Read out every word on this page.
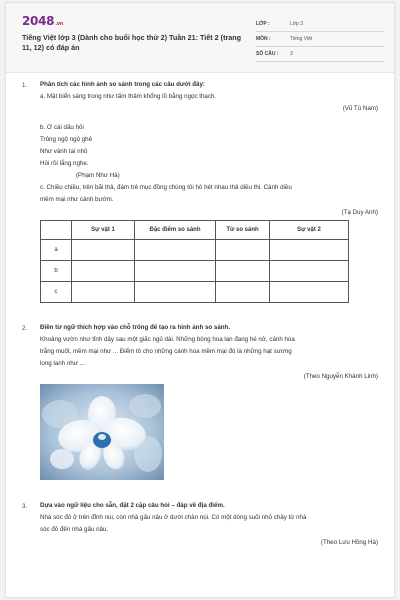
2048.vn
Tiếng Việt lớp 3 (Dành cho buổi học thứ 2) Tuần 21: Tiết 2 (trang 11, 12) có đáp án
LỚP :	Lớp 3
MÔN :	Tiếng Việt
SỐ CÂU : 3
1. Phân tích các hình ảnh so sánh trong các câu dưới đây:
a. Mặt biển sáng trong như tấm thảm khổng lồ bằng ngọc thạch.
(Vũ Tú Nam)
b. Ơ cái dấu hỏi
Trông ngộ ngộ ghê
Như vành tai nhỏ
Hỏi rồi lắng nghe.
(Phạm Như Hà)
c. Chiều chiều, trên bãi thả, đám trẻ mục đồng chúng tôi hò hét nhau thả diều thi. Cánh diều
mềm mại như cánh bướm.
(Tạ Duy Anh)
	Sự vật 1	Đặc điểm so sánh	Từ so sánh	Sự vật 2
a				
b				
c				
2. Điền từ ngữ thích hợp vào chỗ trống để tạo ra hình ảnh so sánh.
Khoảng vườn như tỉnh dậy sau một giấc ngủ dài. Những bông hoa lan đang hé nở, cánh hoa
trắng muốt, mềm mại như ... Điểm tô cho những cánh hoa mềm mại đó là những hạt sương
long lanh như ...
(Theo Nguyễn Khánh Linh)
3. Dựa vào ngữ liệu cho sẵn, đặt 2 cặp câu hỏi – đáp về địa điểm.
Nhà sóc đỏ ở trên đỉnh núi, còn nhà gấu nâu ở dưới chân núi. Có một dòng suối nhỏ chảy từ nhà
sóc đỏ đến nhà gấu nâu.
(Theo Lưu Hồng Hà)
